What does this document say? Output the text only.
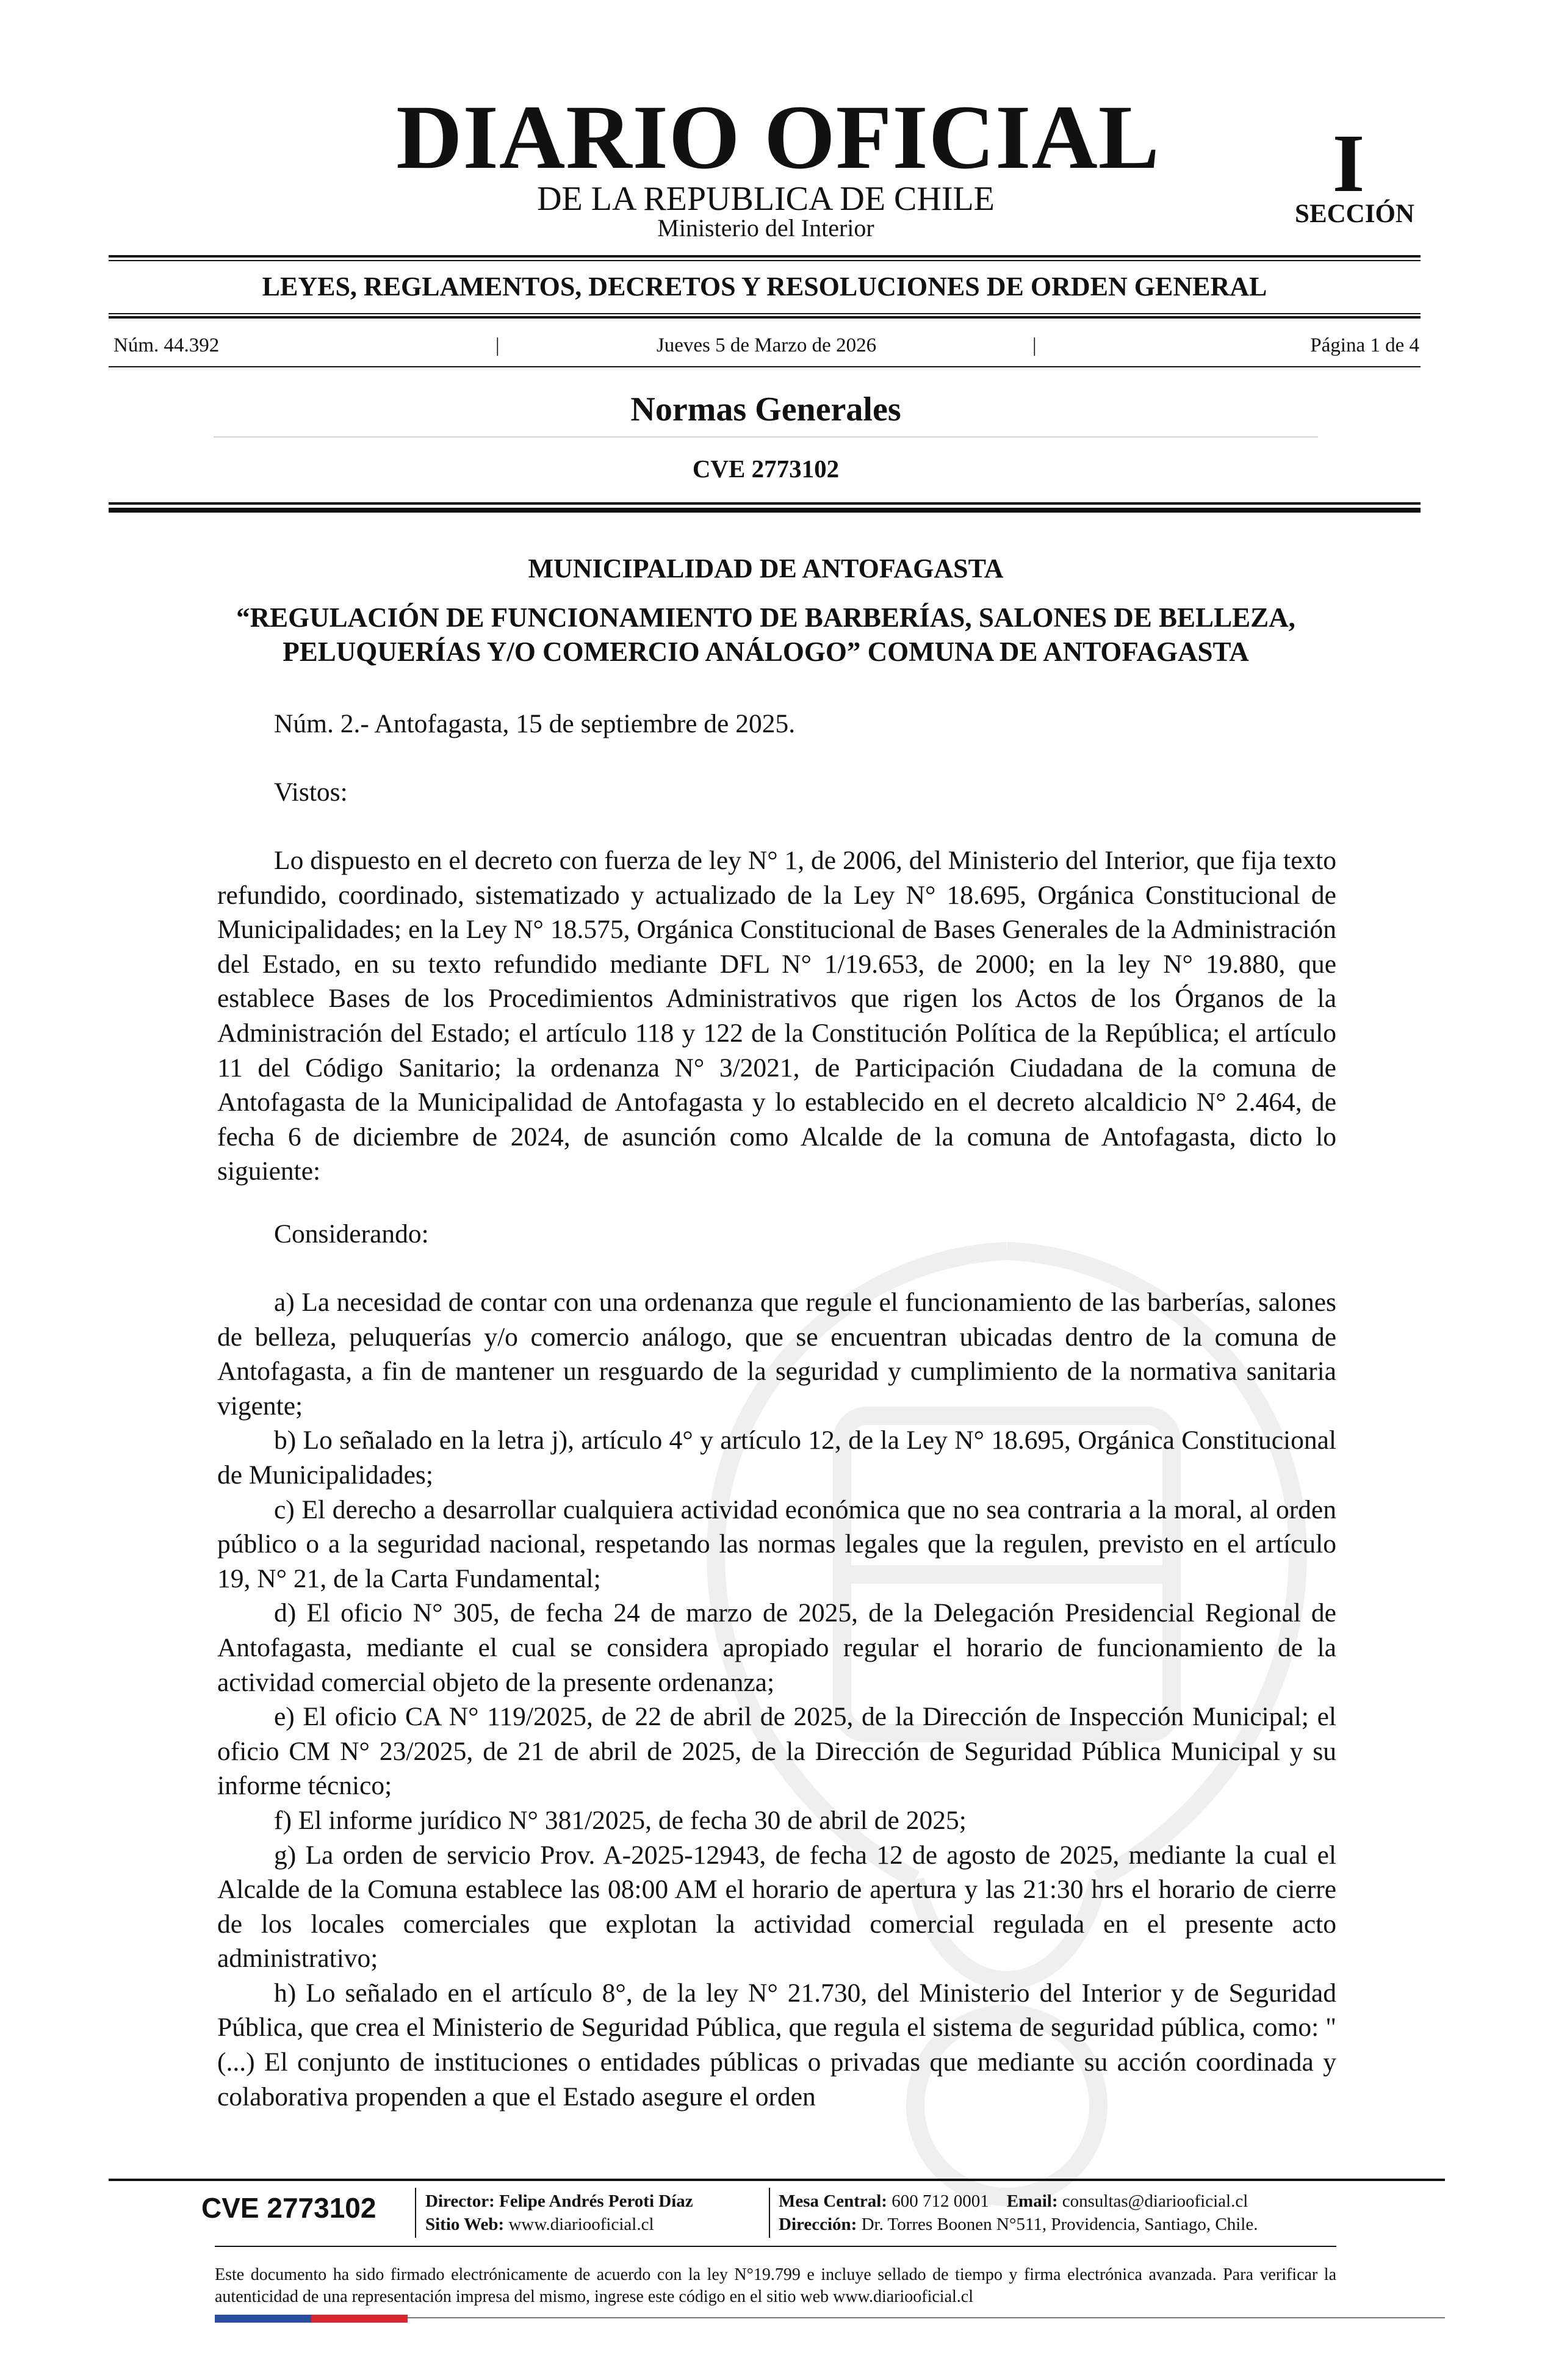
DIARIO OFICIAL
DE LA REPUBLICA DE CHILE
Ministerio del Interior
I
SECCIÓN
LEYES, REGLAMENTOS, DECRETOS Y RESOLUCIONES DE ORDEN GENERAL
Núm. 44.392	|	Jueves 5 de Marzo de 2026	|	Página 1 de 4
Normas Generales
CVE 2773102
MUNICIPALIDAD DE ANTOFAGASTA
“REGULACIÓN DE FUNCIONAMIENTO DE BARBERÍAS, SALONES DE BELLEZA,
PELUQUERÍAS Y/O COMERCIO ANÁLOGO” COMUNA DE ANTOFAGASTA
Núm. 2.- Antofagasta, 15 de septiembre de 2025.
Vistos:

Lo dispuesto en el decreto con fuerza de ley N° 1, de 2006, del Ministerio del Interior, que fija texto refundido, coordinado, sistematizado y actualizado de la Ley N° 18.695, Orgánica Constitucional de Municipalidades; en la Ley N° 18.575, Orgánica Constitucional de Bases Generales de la Administración del Estado, en su texto refundido mediante DFL N° 1/19.653, de 2000; en la ley N° 19.880, que establece Bases de los Procedimientos Administrativos que rigen los Actos de los Órganos de la Administración del Estado; el artículo 118 y 122 de la Constitución Política de la República; el artículo 11 del Código Sanitario; la ordenanza N° 3/2021, de Participación Ciudadana de la comuna de Antofagasta de la Municipalidad de Antofagasta y lo establecido en el decreto alcaldicio N° 2.464, de fecha 6 de diciembre de 2024, de asunción como Alcalde de la comuna de Antofagasta, dicto lo siguiente:

Considerando:

a) La necesidad de contar con una ordenanza que regule el funcionamiento de las barberías, salones de belleza, peluquerías y/o comercio análogo, que se encuentran ubicadas dentro de la comuna de Antofagasta, a fin de mantener un resguardo de la seguridad y cumplimiento de la normativa sanitaria vigente;

b) Lo señalado en la letra j), artículo 4° y artículo 12, de la Ley N° 18.695, Orgánica Constitucional de Municipalidades;

c) El derecho a desarrollar cualquiera actividad económica que no sea contraria a la moral, al orden público o a la seguridad nacional, respetando las normas legales que la regulen, previsto en el artículo 19, N° 21, de la Carta Fundamental;

d) El oficio N° 305, de fecha 24 de marzo de 2025, de la Delegación Presidencial Regional de Antofagasta, mediante el cual se considera apropiado regular el horario de funcionamiento de la actividad comercial objeto de la presente ordenanza;

e) El oficio CA N° 119/2025, de 22 de abril de 2025, de la Dirección de Inspección Municipal; el oficio CM N° 23/2025, de 21 de abril de 2025, de la Dirección de Seguridad Pública Municipal y su informe técnico;

f) El informe jurídico N° 381/2025, de fecha 30 de abril de 2025;

g) La orden de servicio Prov. A-2025-12943, de fecha 12 de agosto de 2025, mediante la cual el Alcalde de la Comuna establece las 08:00 AM el horario de apertura y las 21:30 hrs el horario de cierre de los locales comerciales que explotan la actividad comercial regulada en el presente acto administrativo;

h) Lo señalado en el artículo 8°, de la ley N° 21.730, del Ministerio del Interior y de Seguridad Pública, que crea el Ministerio de Seguridad Pública, que regula el sistema de seguridad pública, como: "(...) El conjunto de instituciones o entidades públicas o privadas que mediante su acción coordinada y colaborativa propenden a que el Estado asegure el orden

CVE 2773102	Director: Felipe Andrés Peroti Díaz
Sitio Web: www.diariooficial.cl
Mesa Central: 600 712 0001 Email: consultas@diariooficial.cl
Dirección: Dr. Torres Boonen N°511, Providencia, Santiago, Chile.
Este documento ha sido firmado electrónicamente de acuerdo con la ley N°19.799 e incluye sellado de tiempo y firma electrónica avanzada. Para verificar la autenticidad de una representación impresa del mismo, ingrese este código en el sitio web www.diariooficial.cl
